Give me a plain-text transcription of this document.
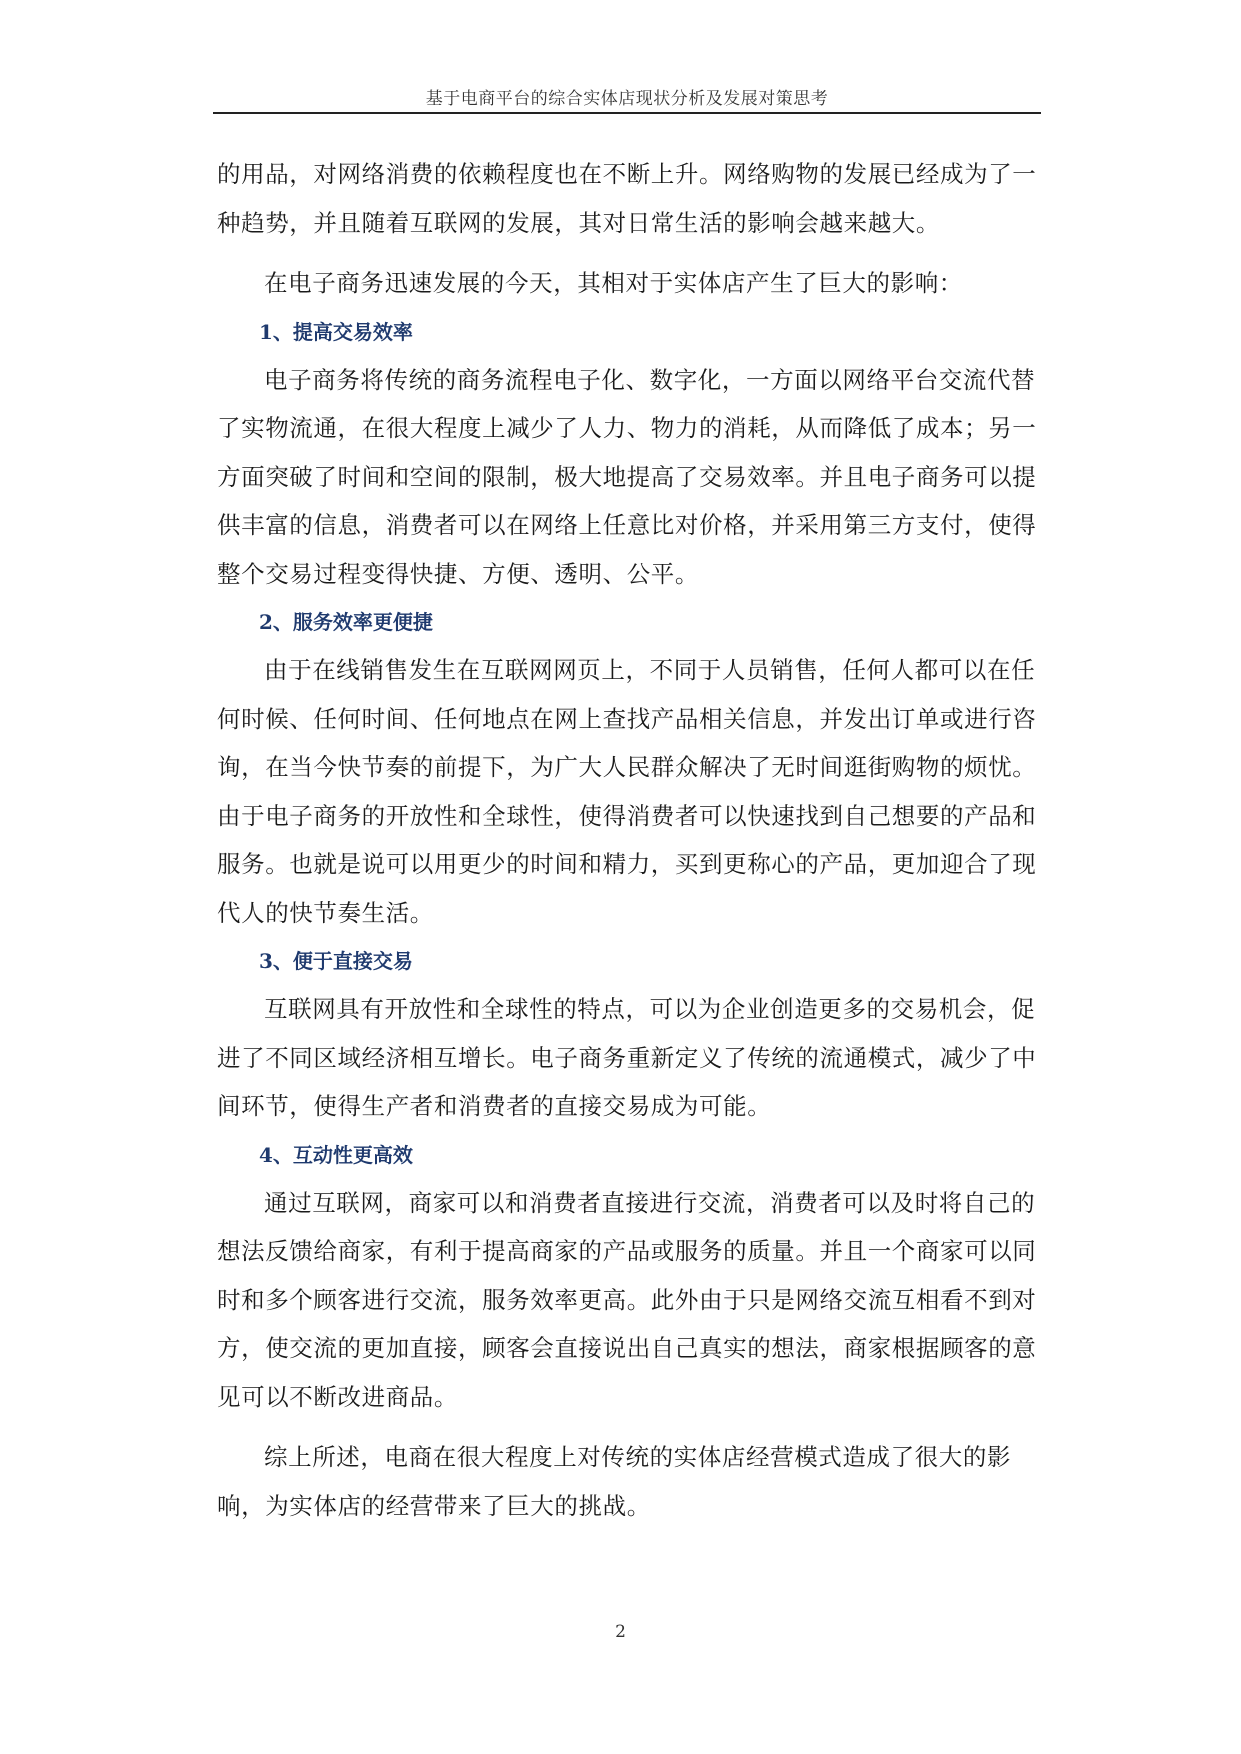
基于电商平台的综合实体店现状分析及发展对策思考

的用品，对网络消费的依赖程度也在不断上升。网络购物的发展已经成为了一种趋势，并且随着互联网的发展，其对日常生活的影响会越来越大。

在电子商务迅速发展的今天，其相对于实体店产生了巨大的影响：

1、提高交易效率

电子商务将传统的商务流程电子化、数字化，一方面以网络平台交流代替了实物流通，在很大程度上减少了人力、物力的消耗，从而降低了成本；另一方面突破了时间和空间的限制，极大地提高了交易效率。并且电子商务可以提供丰富的信息，消费者可以在网络上任意比对价格，并采用第三方支付，使得整个交易过程变得快捷、方便、透明、公平。

2、服务效率更便捷

由于在线销售发生在互联网网页上，不同于人员销售，任何人都可以在任何时候、任何时间、任何地点在网上查找产品相关信息，并发出订单或进行咨询，在当今快节奏的前提下，为广大人民群众解决了无时间逛街购物的烦忧。由于电子商务的开放性和全球性，使得消费者可以快速找到自己想要的产品和服务。也就是说可以用更少的时间和精力，买到更称心的产品，更加迎合了现代人的快节奏生活。

3、便于直接交易

互联网具有开放性和全球性的特点，可以为企业创造更多的交易机会，促进了不同区域经济相互增长。电子商务重新定义了传统的流通模式，减少了中间环节，使得生产者和消费者的直接交易成为可能。

4、互动性更高效

通过互联网，商家可以和消费者直接进行交流，消费者可以及时将自己的想法反馈给商家，有利于提高商家的产品或服务的质量。并且一个商家可以同时和多个顾客进行交流，服务效率更高。此外由于只是网络交流互相看不到对方，使交流的更加直接，顾客会直接说出自己真实的想法，商家根据顾客的意见可以不断改进商品。

综上所述，电商在很大程度上对传统的实体店经营模式造成了很大的影响，为实体店的经营带来了巨大的挑战。

2
